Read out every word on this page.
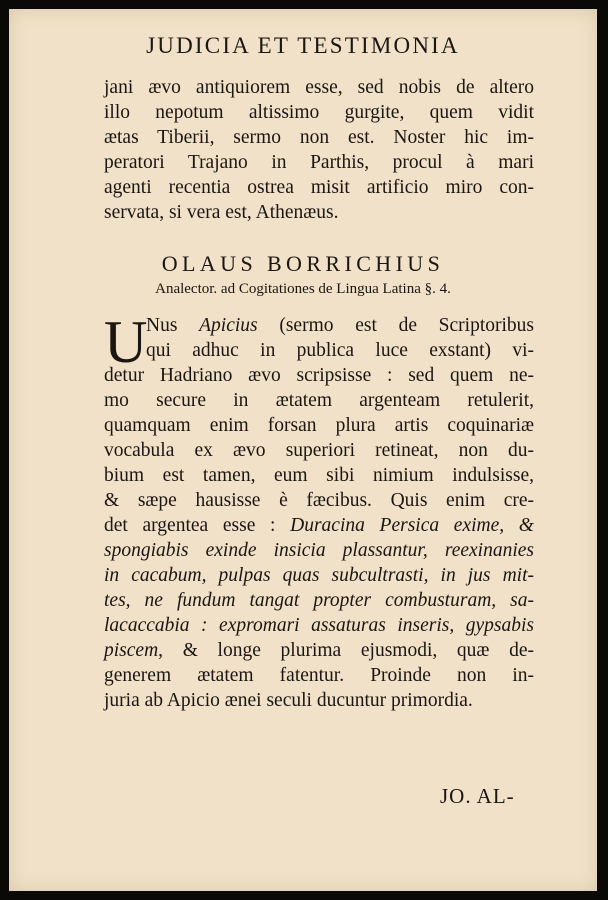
JUDICIA ET TESTIMONIA
jani ævo antiquiorem esse, sed nobis de altero
illo nepotum altissimo gurgite, quem vidit
ætas Tiberii, sermo non est. Noster hic im-
peratori Trajano in Parthis, procul à mari
agenti recentia ostrea misit artificio miro con-
servata, si vera est, Athenæus.
OLAUS BORRICHIUS
Analector. ad Cogitationes de Lingua Latina §. 4.
U
Nus Apicius (sermo est de Scriptoribus
qui adhuc in publica luce exstant) vi-
detur Hadriano ævo scripsisse : sed quem ne-
mo secure in ætatem argenteam retulerit,
quamquam enim forsan plura artis coquinariæ
vocabula ex ævo superiori retineat, non du-
bium est tamen, eum sibi nimium indulsisse,
& sæpe hausisse è fæcibus. Quis enim cre-
det argentea esse : Duracina Persica exime, &
spongiabis exinde insicia plassantur, reexinanies
in cacabum, pulpas quas subcultrasti, in jus mit-
tes, ne fundum tangat propter combusturam, sa-
lacaccabia : expromari assaturas inseris, gypsabis
piscem, & longe plurima ejusmodi, quæ de-
generem ætatem fatentur. Proinde non in-
juria ab Apicio ænei seculi ducuntur primordia.
JO. AL-
